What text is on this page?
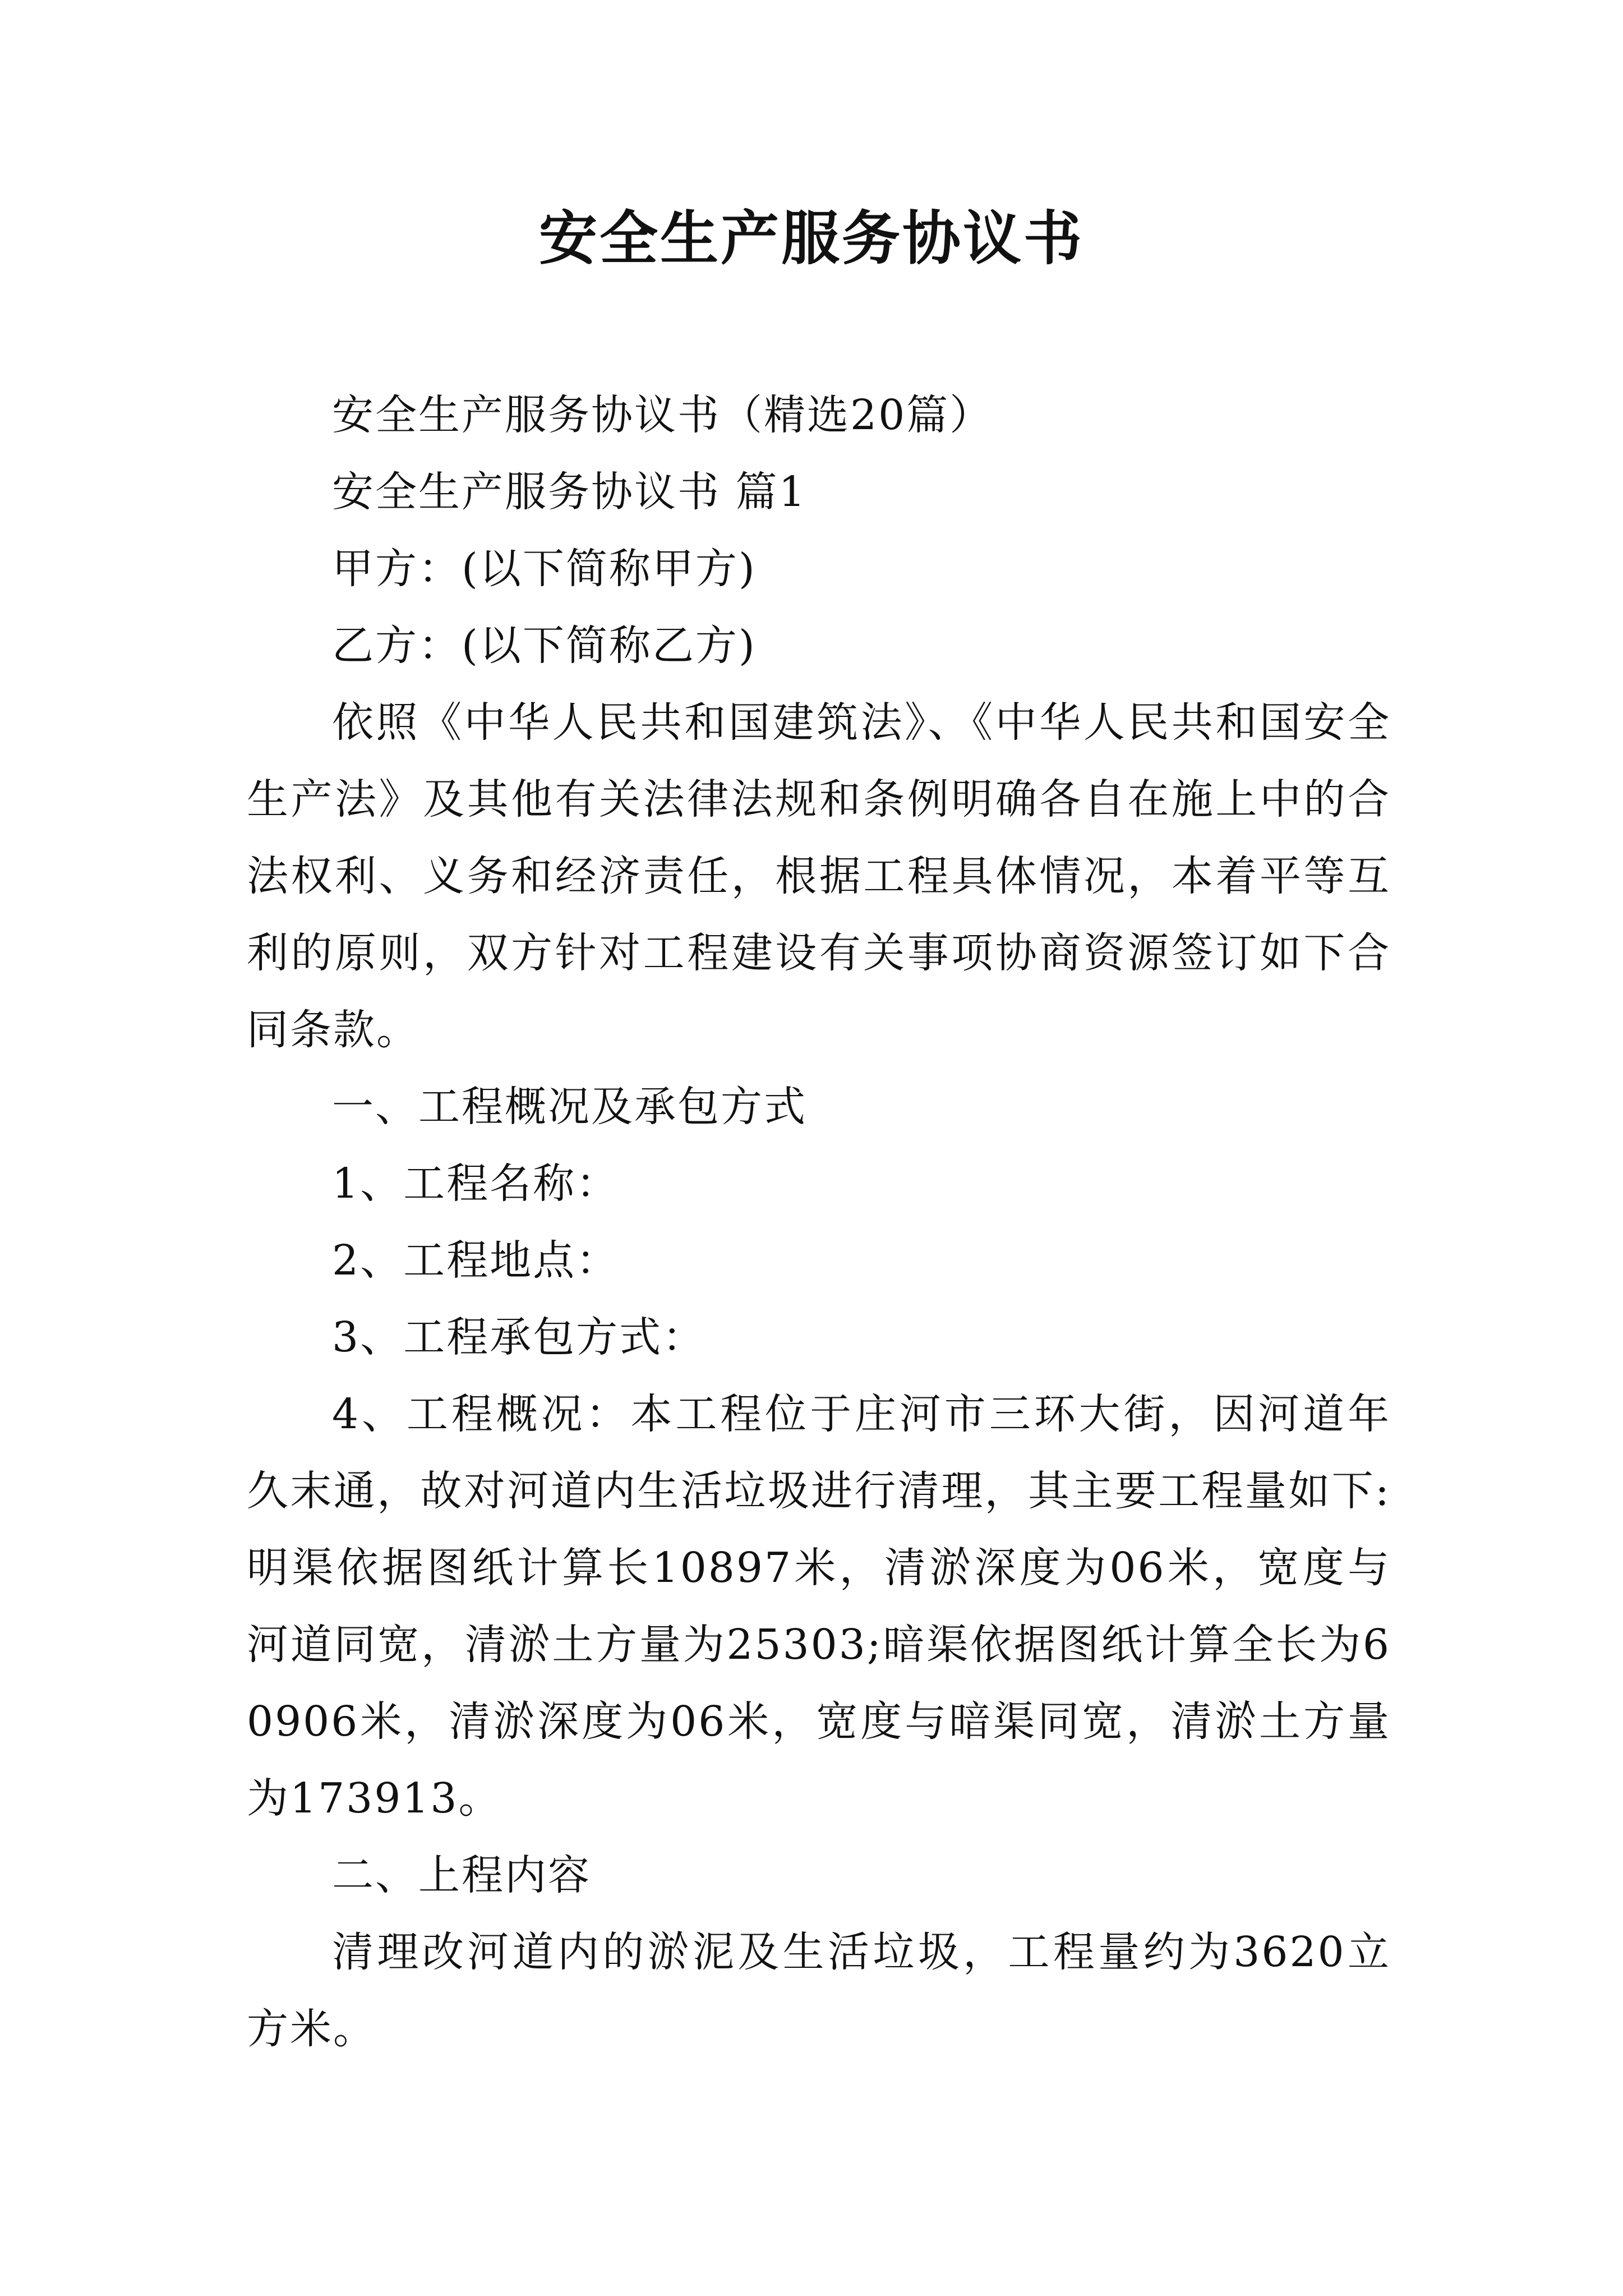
安全生产服务协议书

安全生产服务协议书（精选20篇）

安全生产服务协议书 篇1

甲方：(以下简称甲方)

乙方：(以下简称乙方)

依照《中华人民共和国建筑法》、《中华人民共和国安全生产法》及其他有关法律法规和条例明确各自在施上中的合法权利、义务和经济责任，根据工程具体情况，本着平等互利的原则，双方针对工程建设有关事项协商资源签订如下合同条款。

一、工程概况及承包方式

1、工程名称：

2、工程地点：

3、工程承包方式：

4、工程概况：本工程位于庄河市三环大街，因河道年久末通，故对河道内生活垃圾进行清理，其主要工程量如下:明渠依据图纸计算长10897米，清淤深度为06米，宽度与河道同宽，清淤土方量为25303;暗渠依据图纸计算全长为60906米，清淤深度为06米，宽度与暗渠同宽，清淤土方量为173913。

二、上程内容

清理改河道内的淤泥及生活垃圾，工程量约为3620立方米。
